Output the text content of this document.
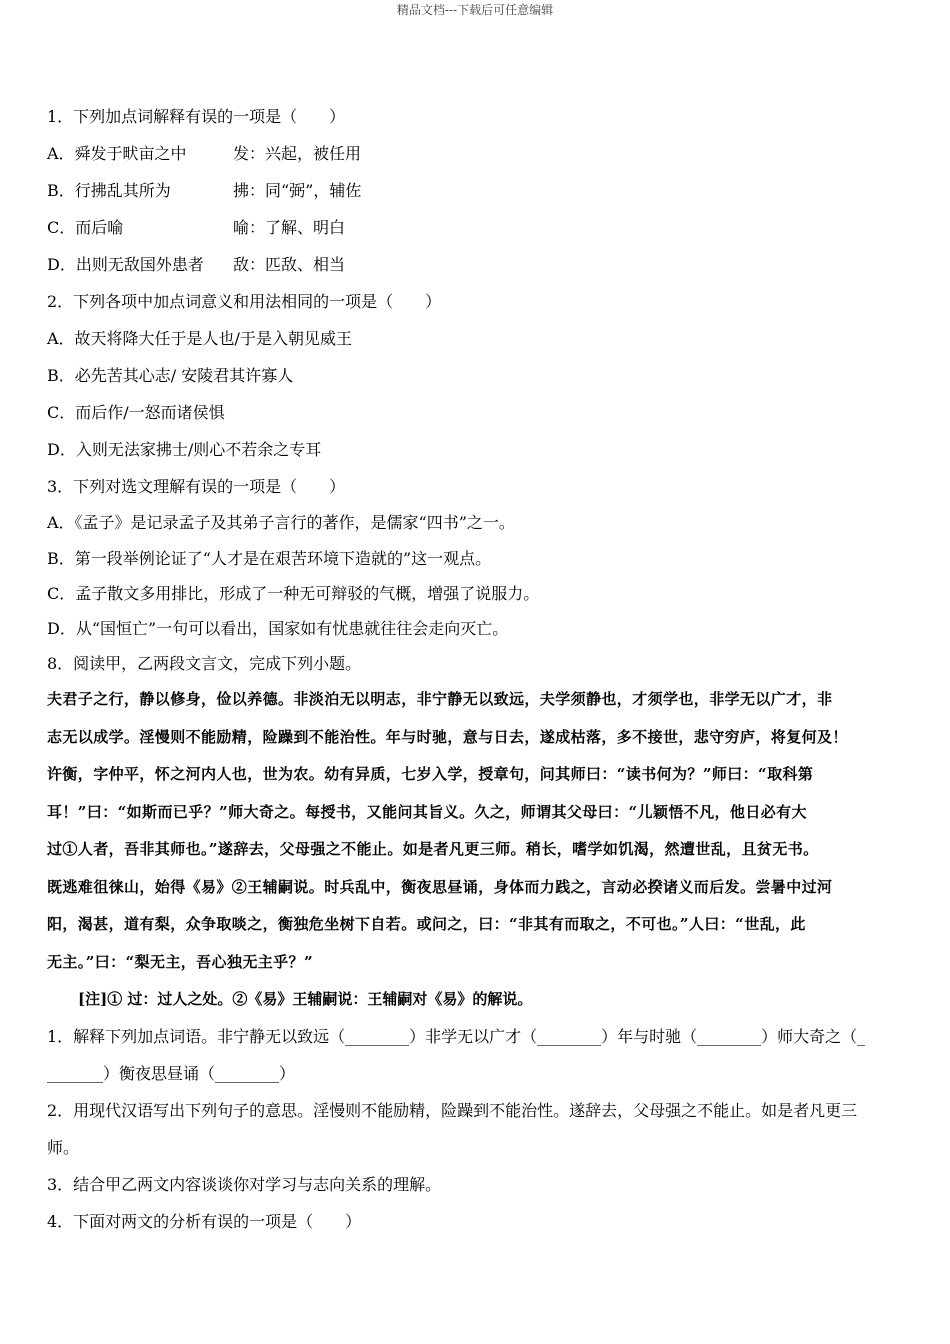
精品文档---下载后可任意编辑
1．下列加点词解释有误的一项是（　　）
A．舜发于畎亩之中	发：兴起，被任用
B．行拂乱其所为	拂：同“弼”，辅佐
C．而后喻	喻：了解、明白
D．出则无敌国外患者 敌：匹敌、相当
2．下列各项中加点词意义和用法相同的一项是（　　）
A．故天将降大任于是人也/于是入朝见威王
B．必先苦其心志/ 安陵君其许寡人
C．而后作/一怒而诸侯惧
D．入则无法家拂士/则心不若余之专耳
3．下列对选文理解有误的一项是（　　）
A．《孟子》是记录孟子及其弟子言行的著作，是儒家“四书”之一。
B．第一段举例论证了“人才是在艰苦环境下造就的”这一观点。
C．孟子散文多用排比，形成了一种无可辩驳的气概，增强了说服力。
D．从“国恒亡”一句可以看出，国家如有忧患就往往会走向灭亡。
8．阅读甲，乙两段文言文，完成下列小题。
夫君子之行，静以修身，俭以养德。非淡泊无以明志，非宁静无以致远，夫学须静也，才须学也，非学无以广才，非
志无以成学。淫慢则不能励精，险躁到不能治性。年与时驰，意与日去，遂成枯落，多不接世，悲守穷庐，将复何及！
许衡，字仲平，怀之河内人也，世为农。幼有异质，七岁入学，授章句，问其师曰：“读书何为？”师曰：“取科第
耳！”曰：“如斯而已乎？”师大奇之。每授书，又能问其旨义。久之，师谓其父母曰：“儿颖悟不凡，他日必有大
过①人者，吾非其师也。”遂辞去，父母强之不能止。如是者凡更三师。稍长，嗜学如饥渴，然遭世乱，且贫无书。
既逃难徂徕山，始得《易》②王辅嗣说。时兵乱中，衡夜思昼诵，身体而力践之，言动必揆诸义而后发。尝暑中过河
阳，渴甚，道有梨，众争取啖之，衡独危坐树下自若。或问之，曰：“非其有而取之，不可也。”人曰：“世乱，此
无主。”曰：“梨无主，吾心独无主乎？”
[注]① 过：过人之处。②《易》王辅嗣说：王辅嗣对《易》的解说。
1．解释下列加点词语。非宁静无以致远（________）非学无以广才（________）年与时驰（________）师大奇之（_
_______）衡夜思昼诵（________）
2．用现代汉语写出下列句子的意思。淫慢则不能励精，险躁到不能治性。遂辞去，父母强之不能止。如是者凡更三
师。
3．结合甲乙两文内容谈谈你对学习与志向关系的理解。
4．下面对两文的分析有误的一项是（　　）
